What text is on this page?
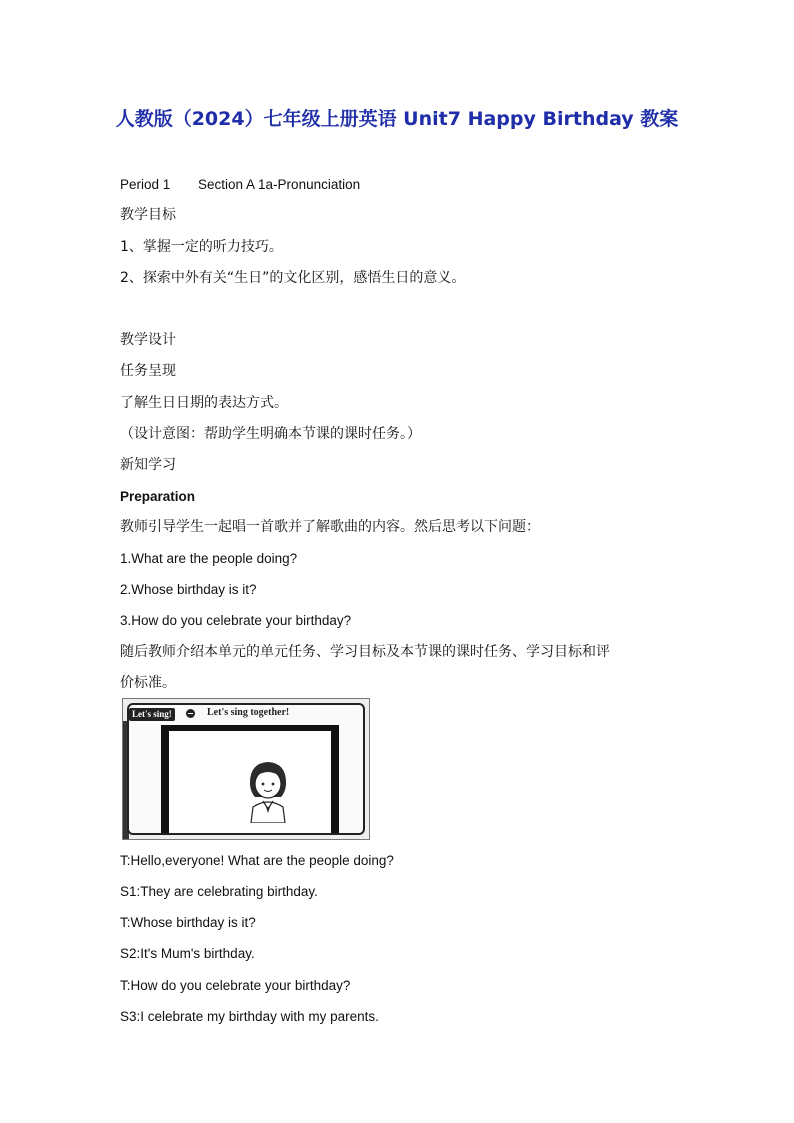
人教版（2024）七年级上册英语 Unit7 Happy Birthday 教案
Period 1 Section A 1a-Pronunciation
教学目标
1、掌握一定的听力技巧。
2、探索中外有关“生日”的文化区别，感悟生日的意义。
教学设计
任务呈现
了解生日日期的表达方式。
（设计意图：帮助学生明确本节课的课时任务。）
新知学习
Preparation
教师引导学生一起唱一首歌并了解歌曲的内容。然后思考以下问题：
1.What are the people doing?
2.Whose birthday is it?
3.How do you celebrate your birthday?
随后教师介绍本单元的单元任务、学习目标及本节课的课时任务、学习目标和评
价标准。
Let's sing!	Let's sing together!
T:Hello,everyone! What are the people doing?
S1:They are celebrating birthday.
T:Whose birthday is it?
S2:It's Mum's birthday.
T:How do you celebrate your birthday?
S3:I celebrate my birthday with my parents.
